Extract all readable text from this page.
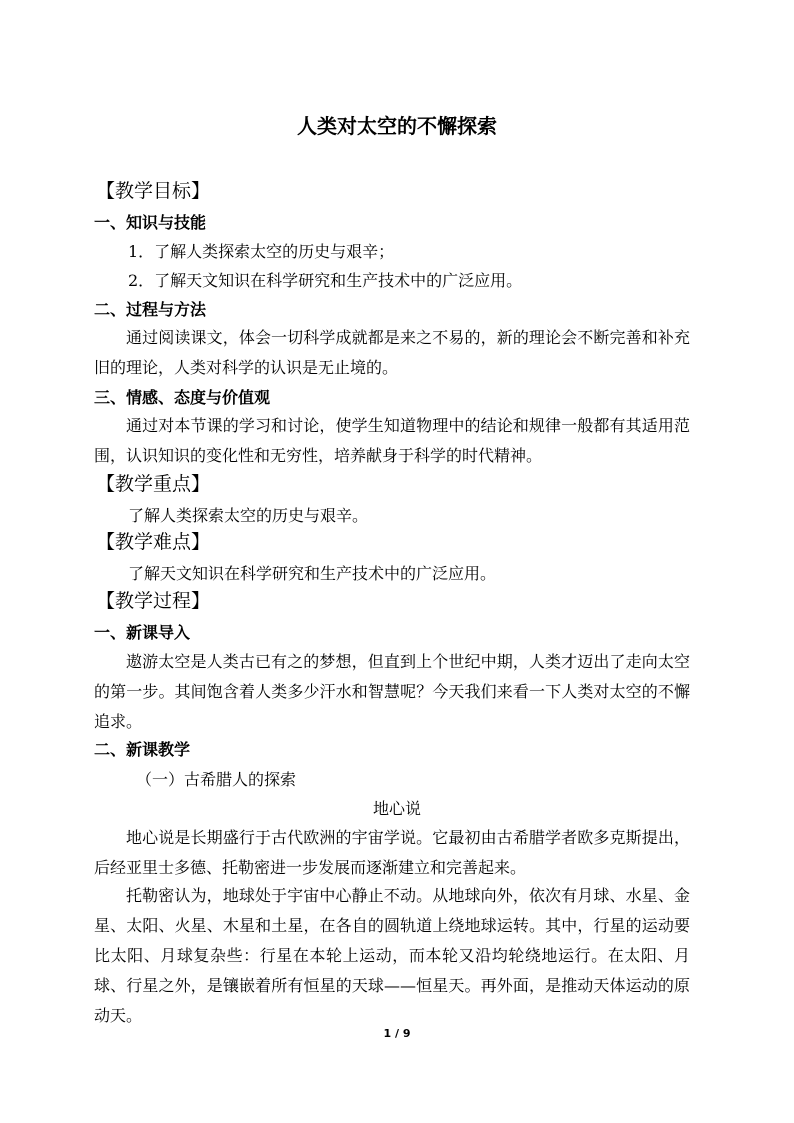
人类对太空的不懈探索
【教学目标】
一、知识与技能
1．了解人类探索太空的历史与艰辛；
2．了解天文知识在科学研究和生产技术中的广泛应用。
二、过程与方法
通过阅读课文，体会一切科学成就都是来之不易的，新的理论会不断完善和补充旧的理论，人类对科学的认识是无止境的。
三、情感、态度与价值观
通过对本节课的学习和讨论，使学生知道物理中的结论和规律一般都有其适用范围，认识知识的变化性和无穷性，培养献身于科学的时代精神。
【教学重点】
了解人类探索太空的历史与艰辛。
【教学难点】
了解天文知识在科学研究和生产技术中的广泛应用。
【教学过程】
一、新课导入
遨游太空是人类古已有之的梦想，但直到上个世纪中期，人类才迈出了走向太空的第一步。其间饱含着人类多少汗水和智慧呢？今天我们来看一下人类对太空的不懈追求。
二、新课教学
（一）古希腊人的探索
地心说
地心说是长期盛行于古代欧洲的宇宙学说。它最初由古希腊学者欧多克斯提出，后经亚里士多德、托勒密进一步发展而逐渐建立和完善起来。
托勒密认为，地球处于宇宙中心静止不动。从地球向外，依次有月球、水星、金星、太阳、火星、木星和土星，在各自的圆轨道上绕地球运转。其中，行星的运动要比太阳、月球复杂些：行星在本轮上运动，而本轮又沿均轮绕地运行。在太阳、月球、行星之外，是镶嵌着所有恒星的天球——恒星天。再外面，是推动天体运动的原动天。
1 / 9
